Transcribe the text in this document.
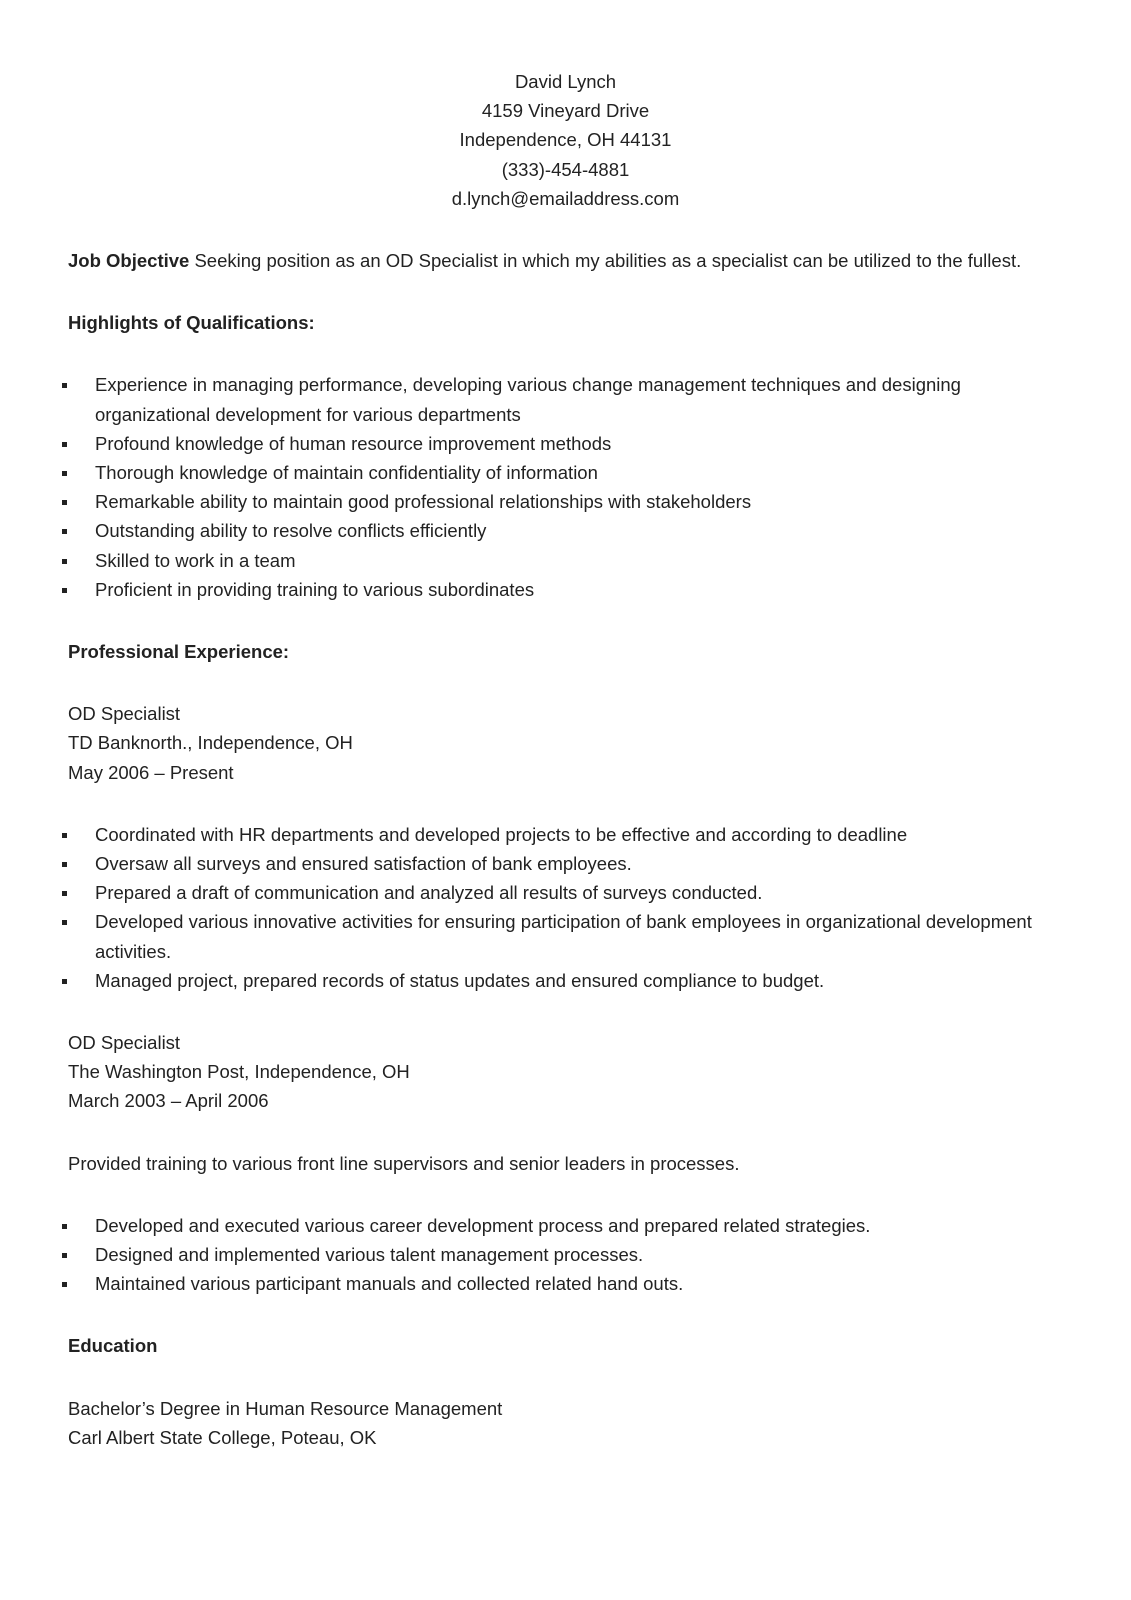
David Lynch
4159 Vineyard Drive
Independence, OH 44131
(333)-454-4881
d.lynch@emailaddress.com

Job Objective Seeking position as an OD Specialist in which my abilities as a specialist can be utilized to the fullest.

Highlights of Qualifications:

Experience in managing performance, developing various change management techniques and designing organizational development for various departments
Profound knowledge of human resource improvement methods
Thorough knowledge of maintain confidentiality of information
Remarkable ability to maintain good professional relationships with stakeholders
Outstanding ability to resolve conflicts efficiently
Skilled to work in a team
Proficient in providing training to various subordinates

Professional Experience:

OD Specialist
TD Banknorth., Independence, OH
May 2006 – Present
Coordinated with HR departments and developed projects to be effective and according to deadline
Oversaw all surveys and ensured satisfaction of bank employees.
Prepared a draft of communication and analyzed all results of surveys conducted.
Developed various innovative activities for ensuring participation of bank employees in organizational development activities.
Managed project, prepared records of status updates and ensured compliance to budget.
OD Specialist
The Washington Post, Independence, OH
March 2003 – April 2006
Provided training to various front line supervisors and senior leaders in processes.
Developed and executed various career development process and prepared related strategies.
Designed and implemented various talent management processes.
Maintained various participant manuals and collected related hand outs.

Education

Bachelor’s Degree in Human Resource Management
Carl Albert State College, Poteau, OK
